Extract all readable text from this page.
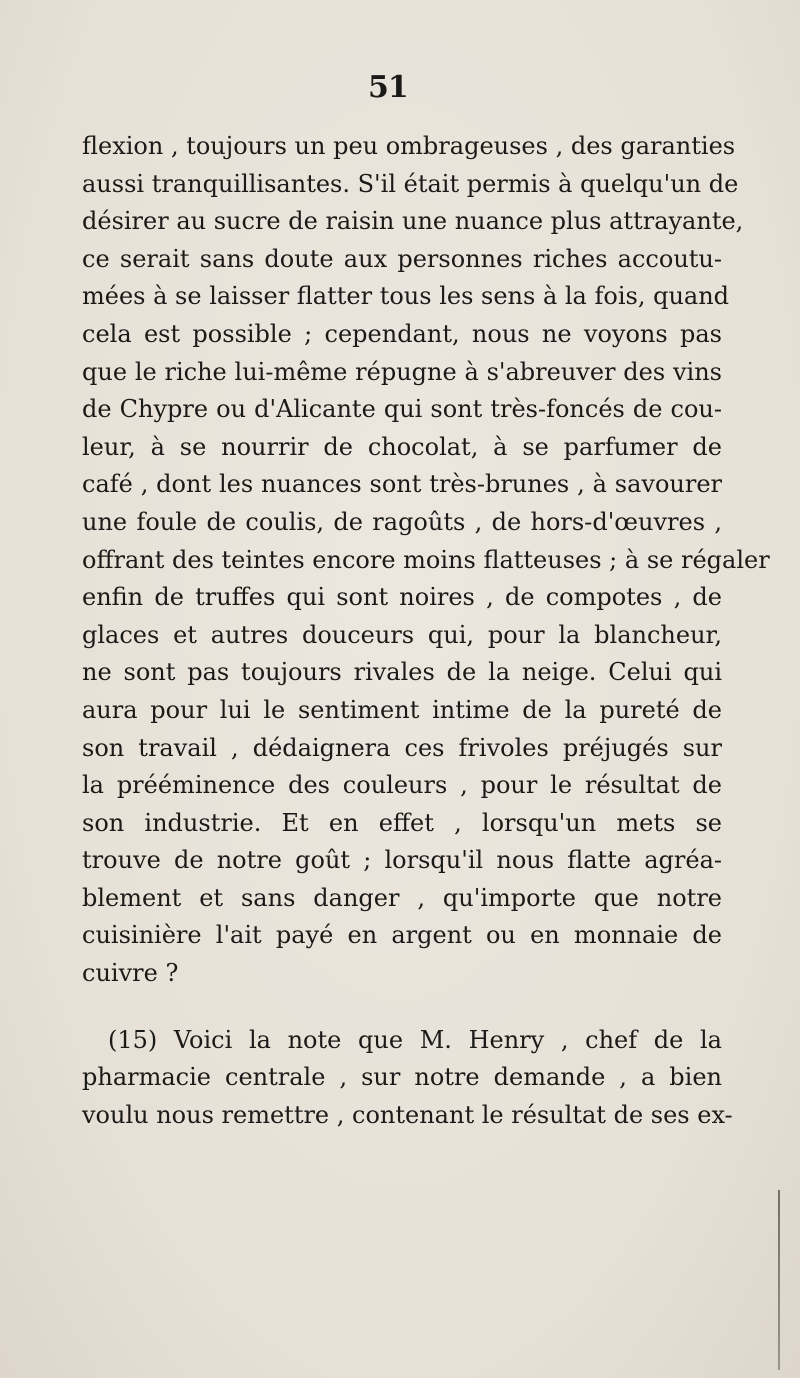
51
flexion , toujours un peu ombrageuses , des garanties
aussi tranquillisantes. S'il était permis à quelqu'un de
désirer au sucre de raisin une nuance plus attrayante,
ce serait sans doute aux personnes riches accoutu-
mées à se laisser flatter tous les sens à la fois, quand
cela est possible ; cependant, nous ne voyons pas
que le riche lui-même répugne à s'abreuver des vins
de Chypre ou d'Alicante qui sont très-foncés de cou-
leur, à se nourrir de chocolat, à se parfumer de
café , dont les nuances sont très-brunes , à savourer
une foule de coulis, de ragoûts , de hors-d'œuvres ,
offrant des teintes encore moins flatteuses ; à se régaler
enfin de truffes qui sont noires , de compotes , de
glaces et autres douceurs qui, pour la blancheur,
ne sont pas toujours rivales de la neige. Celui qui
aura pour lui le sentiment intime de la pureté de
son travail , dédaignera ces frivoles préjugés sur
la prééminence des couleurs , pour le résultat de
son industrie. Et en effet , lorsqu'un mets se
trouve de notre goût ; lorsqu'il nous flatte agréa-
blement et sans danger , qu'importe que notre
cuisinière l'ait payé en argent ou en monnaie de
cuivre ?
(15) Voici la note que M. Henry , chef de la
pharmacie centrale , sur notre demande , a bien
voulu nous remettre , contenant le résultat de ses ex-
